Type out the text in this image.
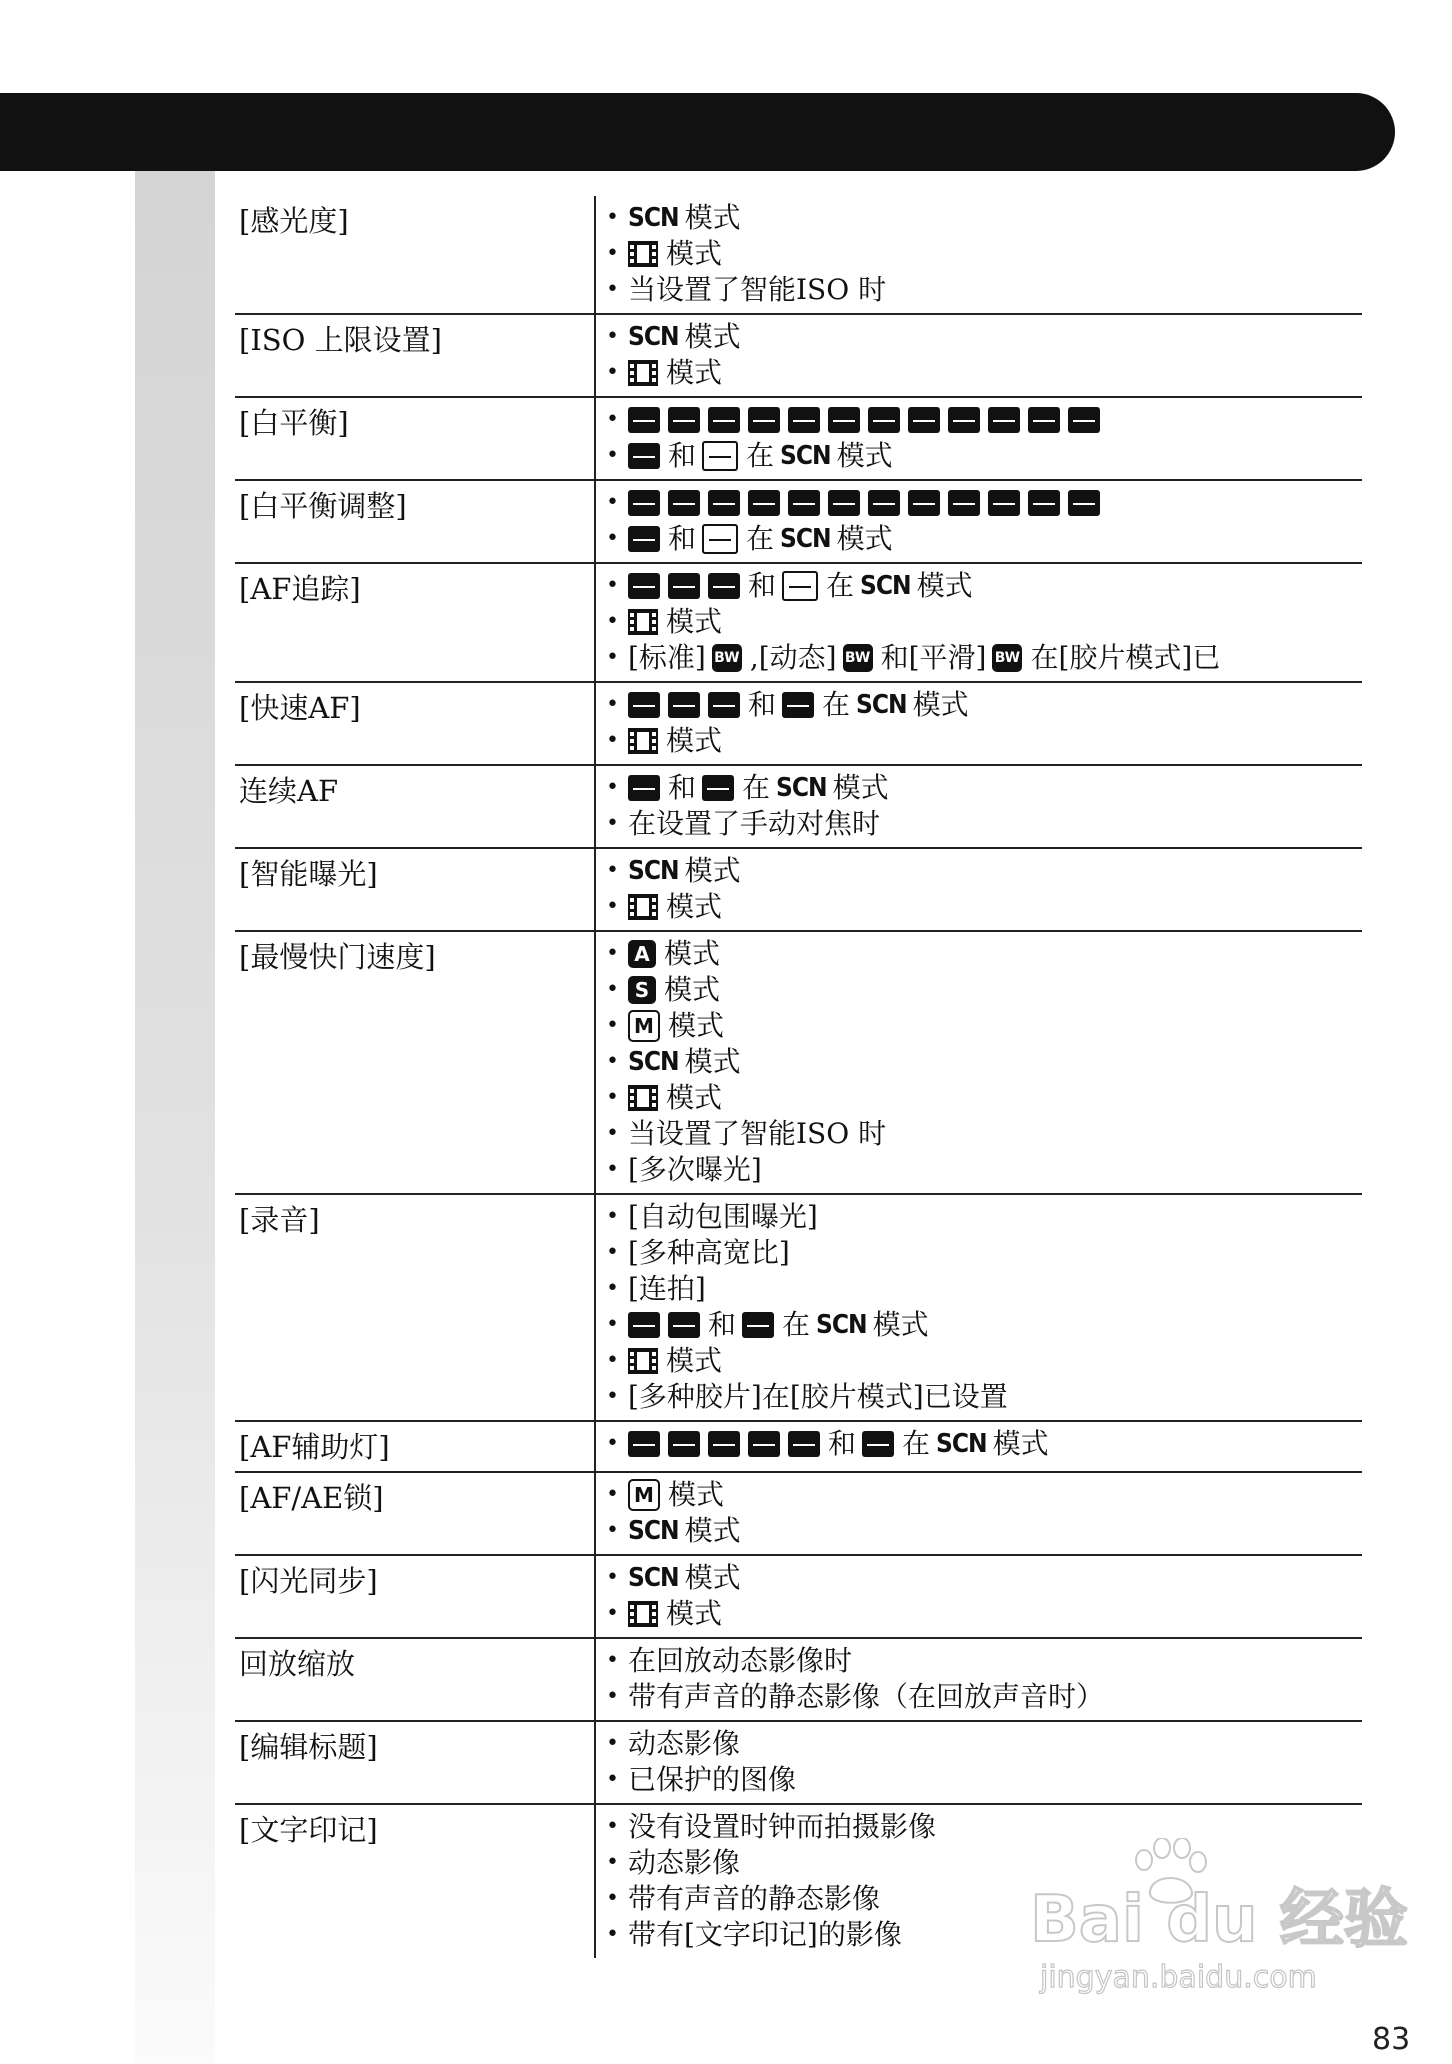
[感光度]	• SCN 模式
•	模式
• 当设置了智能ISO 时
[ISO 上限设置]	• SCN 模式
•	模式
[白平衡]	•
•	和 在 SCN 模式
[白平衡调整]	•
•	和 在 SCN 模式
[AF追踪]	•	和 在 SCN 模式
•	模式
• [标准] BW ,[动态] BW 和[平滑] BW 在[胶片模式]已
[快速AF]	•	和 在 SCN 模式
•	模式
连续AF	•	和 在 SCN 模式
• 在设置了手动对焦时
[智能曝光]	• SCN 模式
•	模式
[最慢快门速度]	• A 模式
• S 模式
• M 模式
• SCN 模式
•	模式
• 当设置了智能ISO 时
• [多次曝光]
[录音]	• [自动包围曝光]
• [多种高宽比]
• [连拍]
•	和 在 SCN 模式
•	模式
• [多种胶片]在[胶片模式]已设置
[AF辅助灯]	•	和 在 SCN 模式
[AF/AE锁]	• M 模式
• SCN 模式
[闪光同步]	• SCN 模式
•	模式
回放缩放	• 在回放动态影像时
• 带有声音的静态影像（在回放声音时）
[编辑标题]	• 动态影像
• 已保护的图像
[文字印记]	• 没有设置时钟而拍摄影像
• 动态影像
• 带有声音的静态影像
• 带有[文字印记]的影像 Bai du 经验
jingyan.baidu.com
83
